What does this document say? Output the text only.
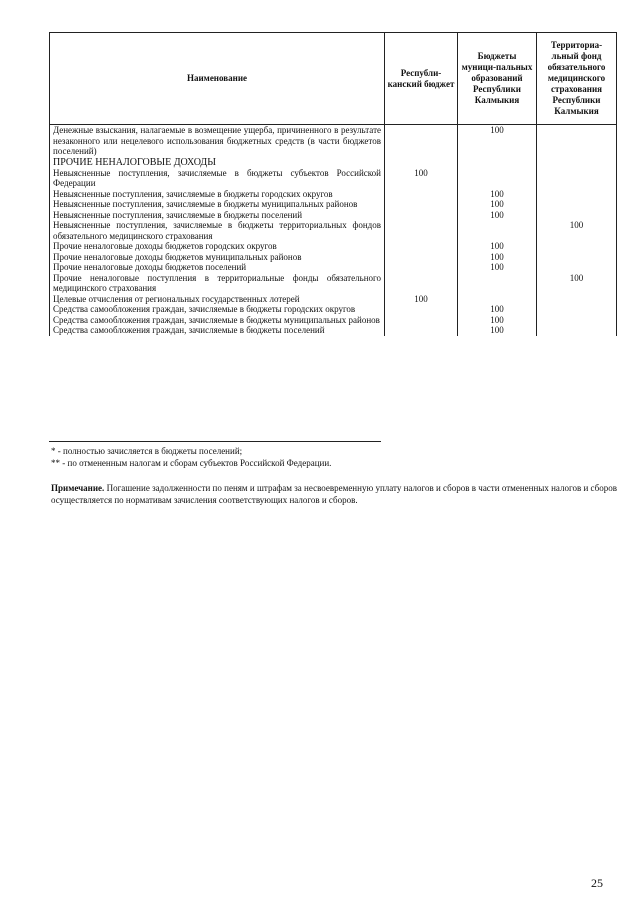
Наименование	Республи-канский бюджет	Бюджеты муници-пальных образований Республики Калмыкия	Территориа-льный фонд обязательного медицинского страхования Республики Калмыкия
Денежные взыскания, налагаемые в возмещение ущерба, причиненного в результате незаконного или нецелевого использования бюджетных средств (в части бюджетов поселений)		100	
ПРОЧИЕ НЕНАЛОГОВЫЕ ДОХОДЫ			
Невыясненные поступления, зачисляемые в бюджеты субъектов Российской Федерации	100		
Невыясненные поступления, зачисляемые в бюджеты городских округов		100	
Невыясненные поступления, зачисляемые в бюджеты муниципальных районов		100	
Невыясненные поступления, зачисляемые в бюджеты поселений		100	
Невыясненные поступления, зачисляемые в бюджеты территориальных фондов обязательного медицинского страхования			100
Прочие неналоговые доходы бюджетов городских округов		100	
Прочие неналоговые доходы бюджетов муниципальных районов		100	
Прочие неналоговые доходы бюджетов поселений		100	
Прочие неналоговые поступления в территориальные фонды обязательного медицинского страхования			100
Целевые отчисления от региональных государственных лотерей	100		
Средства самообложения граждан, зачисляемые в бюджеты городских округов		100	
Средства самообложения граждан, зачисляемые в бюджеты муниципальных районов		100	
Средства самообложения граждан, зачисляемые в бюджеты поселений		100	
* - полностью зачисляется в бюджеты поселений;
** - по отмененным налогам и сборам субъектов Российской Федерации.
Примечание. Погашение задолженности по пеням и штрафам за несвоевременную уплату налогов и сборов в части отмененных налогов и сборов осуществляется по нормативам зачисления соответствующих налогов и сборов.
25
